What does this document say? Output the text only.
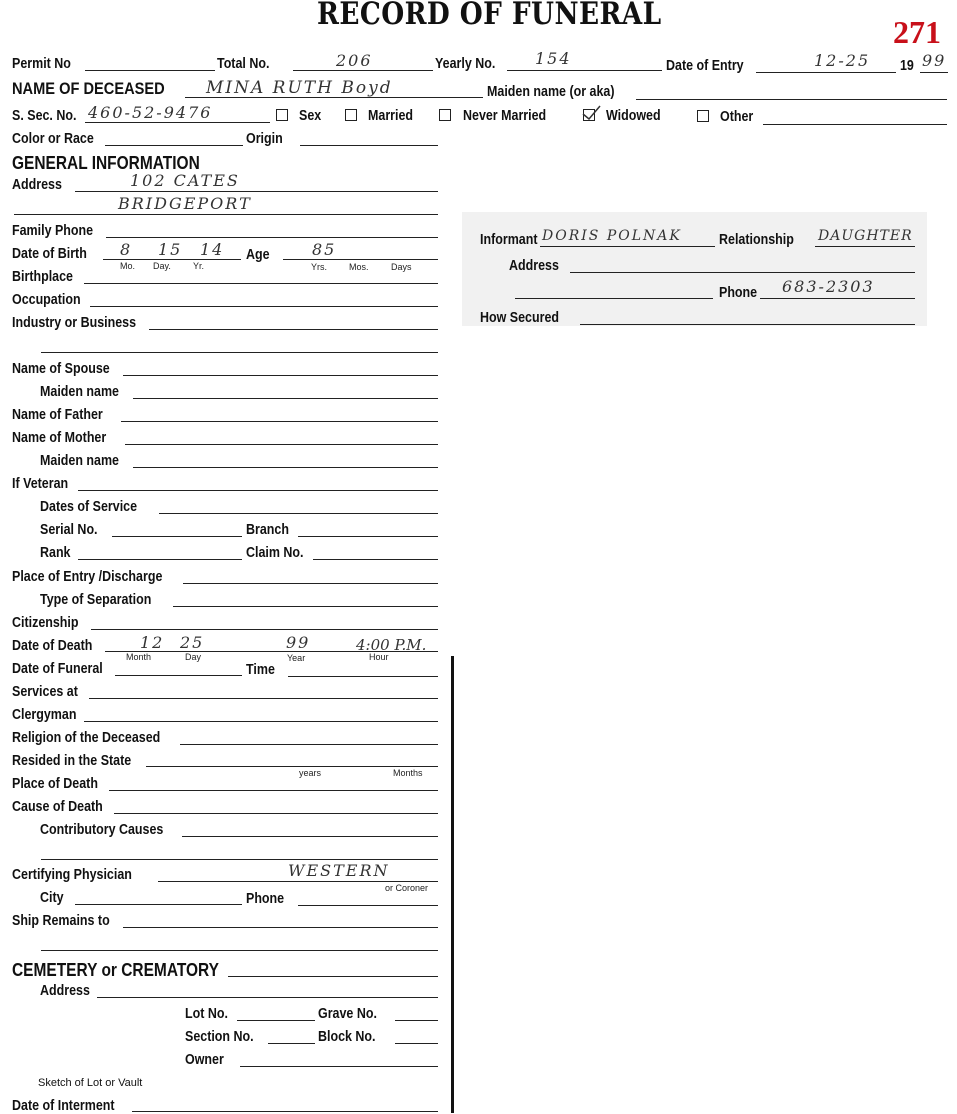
RECORD OF FUNERAL	271
Permit No	Total No.	206	Yearly No. 154	Date of Entry	12-25 19 99
NAME OF DECEASED MINA RUTH Boyd	Maiden name (or aka)
S. Sec. No. 460-52-9476	Sex	Married	Never Married	Widowed	Other
Color or Race	Origin
GENERAL INFORMATION
Address	102 CATES
BRIDGEPORT
Family Phone
Date of Birth 8 15 14
Mo. Day. Yr.
Age	85
Yrs. Mos. Days
Birthplace
Occupation
Industry or Business
Name of Spouse
Maiden name
Name of Father
Name of Mother
Maiden name
If Veteran
Dates of Service
Serial No.	Branch
Rank	Claim No.
Place of Entry /Discharge
Type of Separation
Citizenship
Date of Death	12 25	99	4:00 P.M.
Month	Day	Year	Hour
Date of Funeral	Time
Services at
Clergyman
Religion of the Deceased
Resided in the State
years	Months
Place of Death
Cause of Death
Contributory Causes
Certifying Physician	WESTERN
or Coroner
City	Phone
Ship Remains to
CEMETERY or CREMATORY
Address
Lot No.	Grave No.
Section No.	Block No.
Owner
Sketch of Lot or Vault
Date of Interment
Informant DORIS POLNAK	Relationship DAUGHTER
Address
Phone 683-2303
How Secured
